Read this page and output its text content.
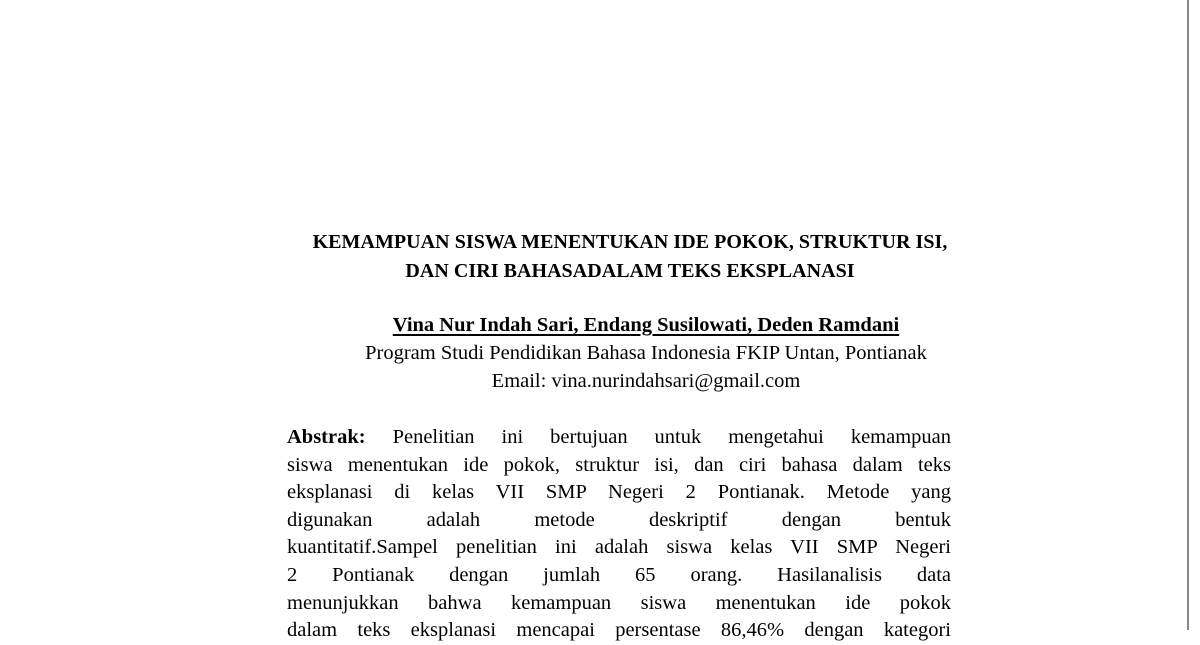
KEMAMPUAN SISWA MENENTUKAN IDE POKOK, STRUKTUR ISI,
DAN CIRI BAHASADALAM TEKS EKSPLANASI
Vina Nur Indah Sari, Endang Susilowati, Deden Ramdani
Program Studi Pendidikan Bahasa Indonesia FKIP Untan, Pontianak
Email: vina.nurindahsari@gmail.com
Abstrak: Penelitian ini bertujuan untuk mengetahui kemampuan
siswa menentukan ide pokok, struktur isi, dan ciri bahasa dalam teks
eksplanasi di kelas VII SMP Negeri 2 Pontianak. Metode yang
digunakan adalah metode deskriptif dengan bentuk
kuantitatif.Sampel penelitian ini adalah siswa kelas VII SMP Negeri
2 Pontianak dengan jumlah 65 orang. Hasilanalisis data
menunjukkan bahwa kemampuan siswa menentukan ide pokok
dalam teks eksplanasi mencapai persentase 86,46% dengan kategori
